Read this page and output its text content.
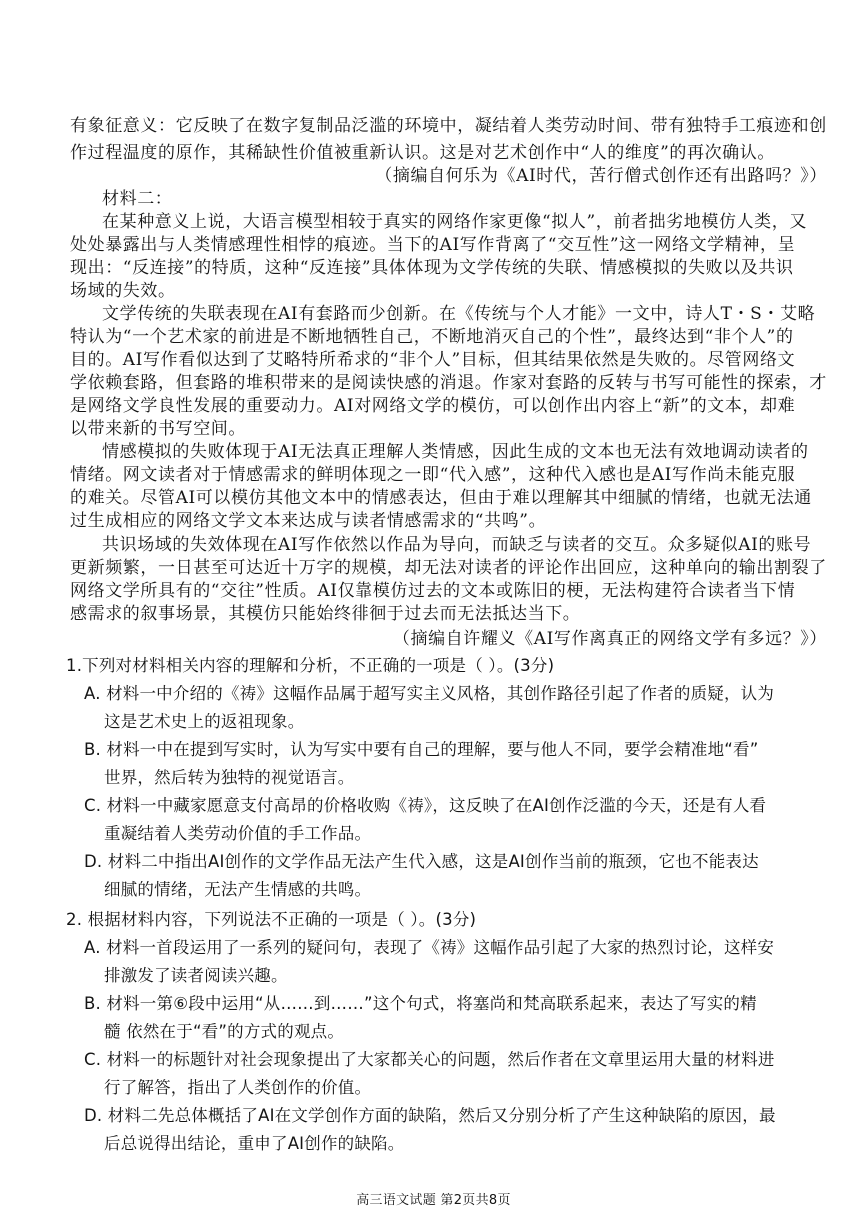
有象征意义：它反映了在数字复制品泛滥的环境中，凝结着人类劳动时间、带有独特手工痕迹和创

作过程温度的原作，其稀缺性价值被重新认识。这是对艺术创作中“人的维度”的再次确认。

（摘编自何乐为《AI时代，苦行僧式创作还有出路吗？》）

材料二：

在某种意义上说，大语言模型相较于真实的网络作家更像“拟人”，前者拙劣地模仿人类，又

处处暴露出与人类情感理性相悖的痕迹。当下的AI写作背离了“交互性”这一网络文学精神，呈

现出：“反连接”的特质，这种“反连接”具体体现为文学传统的失联、情感模拟的失败以及共识

场域的失效。

文学传统的失联表现在AI有套路而少创新。在《传统与个人才能》一文中，诗人T・S・艾略

特认为“一个艺术家的前进是不断地牺牲自己，不断地消灭自己的个性”，最终达到“非个人”的

目的。AI写作看似达到了艾略特所希求的“非个人”目标，但其结果依然是失败的。尽管网络文

学依赖套路，但套路的堆积带来的是阅读快感的消退。作家对套路的反转与书写可能性的探索，才

是网络文学良性发展的重要动力。AI对网络文学的模仿，可以创作出内容上“新”的文本，却难

以带来新的书写空间。

情感模拟的失败体现于AI无法真正理解人类情感，因此生成的文本也无法有效地调动读者的

情绪。网文读者对于情感需求的鲜明体现之一即“代入感”，这种代入感也是AI写作尚未能克服

的难关。尽管AI可以模仿其他文本中的情感表达，但由于难以理解其中细腻的情绪，也就无法通

过生成相应的网络文学文本来达成与读者情感需求的“共鸣”。

共识场域的失效体现在AI写作依然以作品为导向，而缺乏与读者的交互。众多疑似AI的账号

更新频繁，一日甚至可达近十万字的规模，却无法对读者的评论作出回应，这种单向的输出割裂了

网络文学所具有的“交往”性质。AI仅靠模仿过去的文本或陈旧的梗，无法构建符合读者当下情

感需求的叙事场景，其模仿只能始终徘徊于过去而无法抵达当下。

（摘编自许耀义《AI写作离真正的网络文学有多远？》）

1.下列对材料相关内容的理解和分析，不正确的一项是（ ）。(3分)

A. 材料一中介绍的《祷》这幅作品属于超写实主义风格，其创作路径引起了作者的质疑，认为

这是艺术史上的返祖现象。

B. 材料一中在提到写实时，认为写实中要有自己的理解，要与他人不同，要学会精准地“看”

世界，然后转为独特的视觉语言。

C. 材料一中藏家愿意支付高昂的价格收购《祷》，这反映了在AI创作泛滥的今天，还是有人看

重凝结着人类劳动价值的手工作品。

D. 材料二中指出AI创作的文学作品无法产生代入感，这是AI创作当前的瓶颈，它也不能表达

细腻的情绪，无法产生情感的共鸣。

2. 根据材料内容，下列说法不正确的一项是（ ）。(3分)

A. 材料一首段运用了一系列的疑问句，表现了《祷》这幅作品引起了大家的热烈讨论，这样安

排激发了读者阅读兴趣。

B. 材料一第⑥段中运用“从……到……”这个句式，将塞尚和梵高联系起来，表达了写实的精

髓 依然在于“看”的方式的观点。

C. 材料一的标题针对社会现象提出了大家都关心的问题，然后作者在文章里运用大量的材料进

行了解答，指出了人类创作的价值。

D. 材料二先总体概括了AI在文学创作方面的缺陷，然后又分别分析了产生这种缺陷的原因，最

后总说得出结论，重申了AI创作的缺陷。

高三语文试题 第2页共8页
